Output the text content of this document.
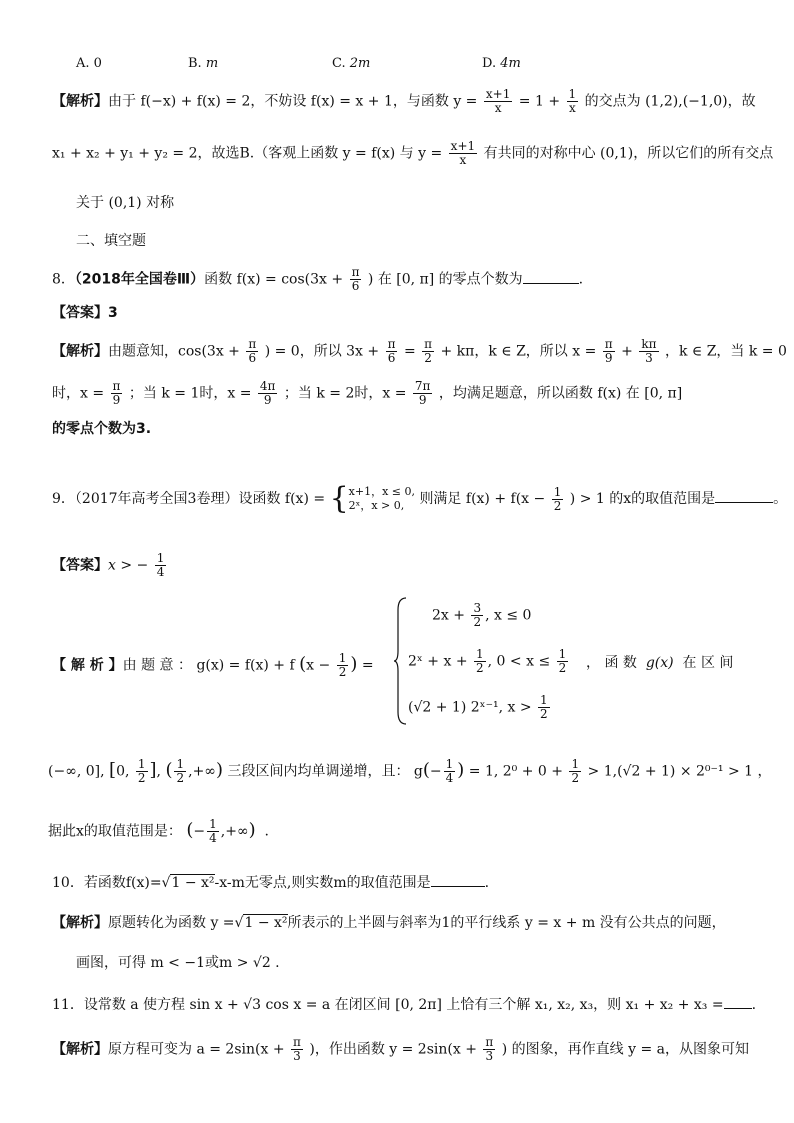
A. 0	B. m	C. 2m	D. 4m
【解析】由于 f(−x) + f(x) = 2，不妨设 f(x) = x + 1，与函数 $y = \frac{x+1}{x} = 1 + \frac{1}{x}$ 的交点为 (1,2),(−1,0)，故
x₁ + x₂ + y₁ + y₂ = 2，故选B.（客观上函数 y = f(x) 与 $y = \frac{x+1}{x}$ 有共同的对称中心 (0,1)，所以它们的所有交点
关于 (0,1) 对称
二、填空题
8．（2018年全国卷Ⅲ）函数 $f(x) = \cos(3x + \frac{\pi}{6}$ ) 在 [0, π] 的零点个数为	.
【答案】3
【解析】由题意知，$\cos(3x + \frac{\pi}{6}$ ) = 0，所以 $3x + \frac{\pi}{6} = \frac{\pi}{2} + k\pi$，k ∈ Z，所以 $x = \frac{\pi}{9} + \frac{k\pi}{3}$ ，k ∈ Z，当 k = 0
时，$x = \frac{\pi}{9}$ ；当 k = 1时，$x = \frac{4\pi}{9}$ ；当 k = 2时，$x = \frac{7\pi}{9}$ ，均满足题意，所以函数 f(x) 在 [0, π]
的零点个数为3.
9．（2017年高考全国3卷理）设函数 f(x) = { x+1，x ≤ 0,
2ˣ，x > 0,	则满足 $f(x) + f(x - \frac{1}{2}$ ) > 1 的x的取值范围是	。
【答案】x > − $\frac{1}{4}$
【 解 析 】由 题 意 ： g(x) = f(x) + f ($x - \frac{1}{2}$ ) =
$2x + \frac{3}{2}$ , x ≤ 0
2ˣ + $x + \frac{1}{2}$ , $0 < x \le \frac{1}{2}$
(√2 + 1) 2ˣ⁻¹, $x > \frac{1}{2}$
， 函 数 g(x) 在 区 间
(−∞, 0], [0, $\frac{1}{2}$ ], ( $\frac{1}{2}$ ,+∞) 三段区间内均单调递增，且： $g(- \frac{1}{4}$ ) = 1, $2^0 + 0 + \frac{1}{2} > 1,(√2 + 1) \times 2^{0-1} > 1$ ，
据此x的取值范围是： (− $\frac{1}{4}$ ,+∞) .
10．若函数f(x)=√1 − x²-x-m无零点,则实数m的取值范围是	.
【解析】原题转化为函数 y =√1 − x²所表示的上半圆与斜率为1的平行线系 y = x + m 没有公共点的问题，
画图，可得 m < −1或m > √2 .
11．设常数 a 使方程 sin x + √3 cos x = a 在闭区间 [0, 2π] 上恰有三个解 x₁, x₂, x₃，则 x₁ + x₂ + x₃ = .
【解析】原方程可变为 $a = 2\sin(x + \frac{\pi}{3}$ )，作出函数 $y = 2\sin(x + \frac{\pi}{3}$ ) 的图象，再作直线 y = a，从图象可知
